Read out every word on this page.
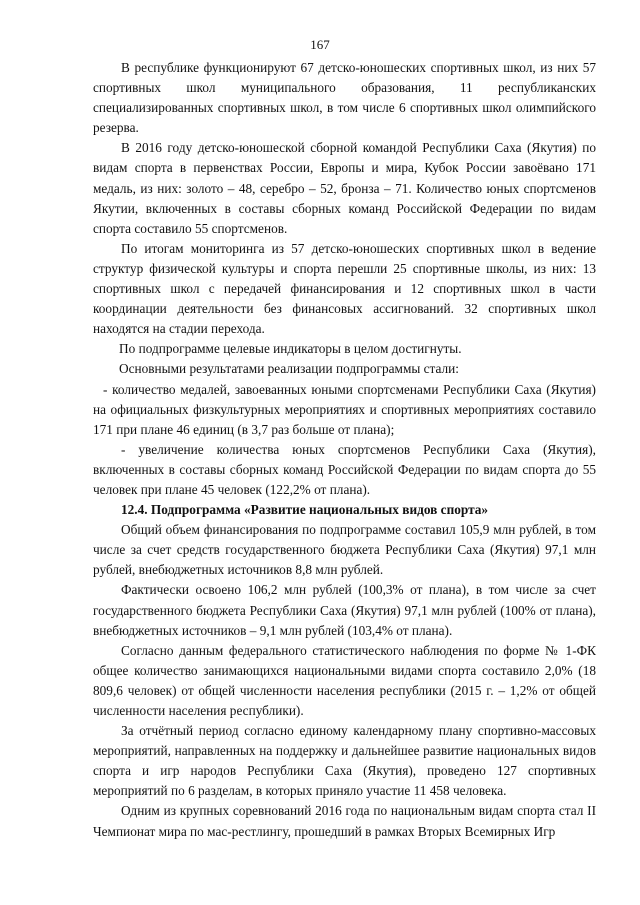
167

В республике функционируют 67 детско-юношеских спортивных школ, из них 57 спортивных школ муниципального образования, 11 республиканских специализированных спортивных школ, в том числе 6 спортивных школ олимпийского резерва.

В 2016 году детско-юношеской сборной командой Республики Саха (Якутия) по видам спорта в первенствах России, Европы и мира, Кубок России завоёвано 171 медаль, из них: золото – 48, серебро – 52, бронза – 71. Количество юных спортсменов Якутии, включенных в составы сборных команд Российской Федерации по видам спорта составило 55 спортсменов.

По итогам мониторинга из 57 детско-юношеских спортивных школ в ведение структур физической культуры и спорта перешли 25 спортивные школы, из них: 13 спортивных школ с передачей финансирования и 12 спортивных школ в части координации деятельности без финансовых ассигнований. 32 спортивных школ находятся на стадии перехода.

По подпрограмме целевые индикаторы в целом достигнуты.

Основными результатами реализации подпрограммы стали:

- количество медалей, завоеванных юными спортсменами Республики Саха (Якутия) на официальных физкультурных мероприятиях и спортивных мероприятиях составило 171 при плане 46 единиц (в 3,7 раз больше от плана);

- увеличение количества юных спортсменов Республики Саха (Якутия), включенных в составы сборных команд Российской Федерации по видам спорта до 55 человек при плане 45 человек (122,2% от плана).

12.4. Подпрограмма «Развитие национальных видов спорта»

Общий объем финансирования по подпрограмме составил 105,9 млн рублей, в том числе за счет средств государственного бюджета Республики Саха (Якутия) 97,1 млн рублей, внебюджетных источников 8,8 млн рублей.

Фактически освоено 106,2 млн рублей (100,3% от плана), в том числе за счет государственного бюджета Республики Саха (Якутия) 97,1 млн рублей (100% от плана), внебюджетных источников – 9,1 млн рублей (103,4% от плана).

Согласно данным федерального статистического наблюдения по форме № 1-ФК общее количество занимающихся национальными видами спорта составило 2,0% (18 809,6 человек) от общей численности населения республики (2015 г. – 1,2% от общей численности населения республики).

За отчётный период согласно единому календарному плану спортивно-массовых мероприятий, направленных на поддержку и дальнейшее развитие национальных видов спорта и игр народов Республики Саха (Якутия), проведено 127 спортивных мероприятий по 6 разделам, в которых приняло участие 11 458 человека.

Одним из крупных соревнований 2016 года по национальным видам спорта стал II Чемпионат мира по мас-рестлингу, прошедший в рамках Вторых Всемирных Игр
